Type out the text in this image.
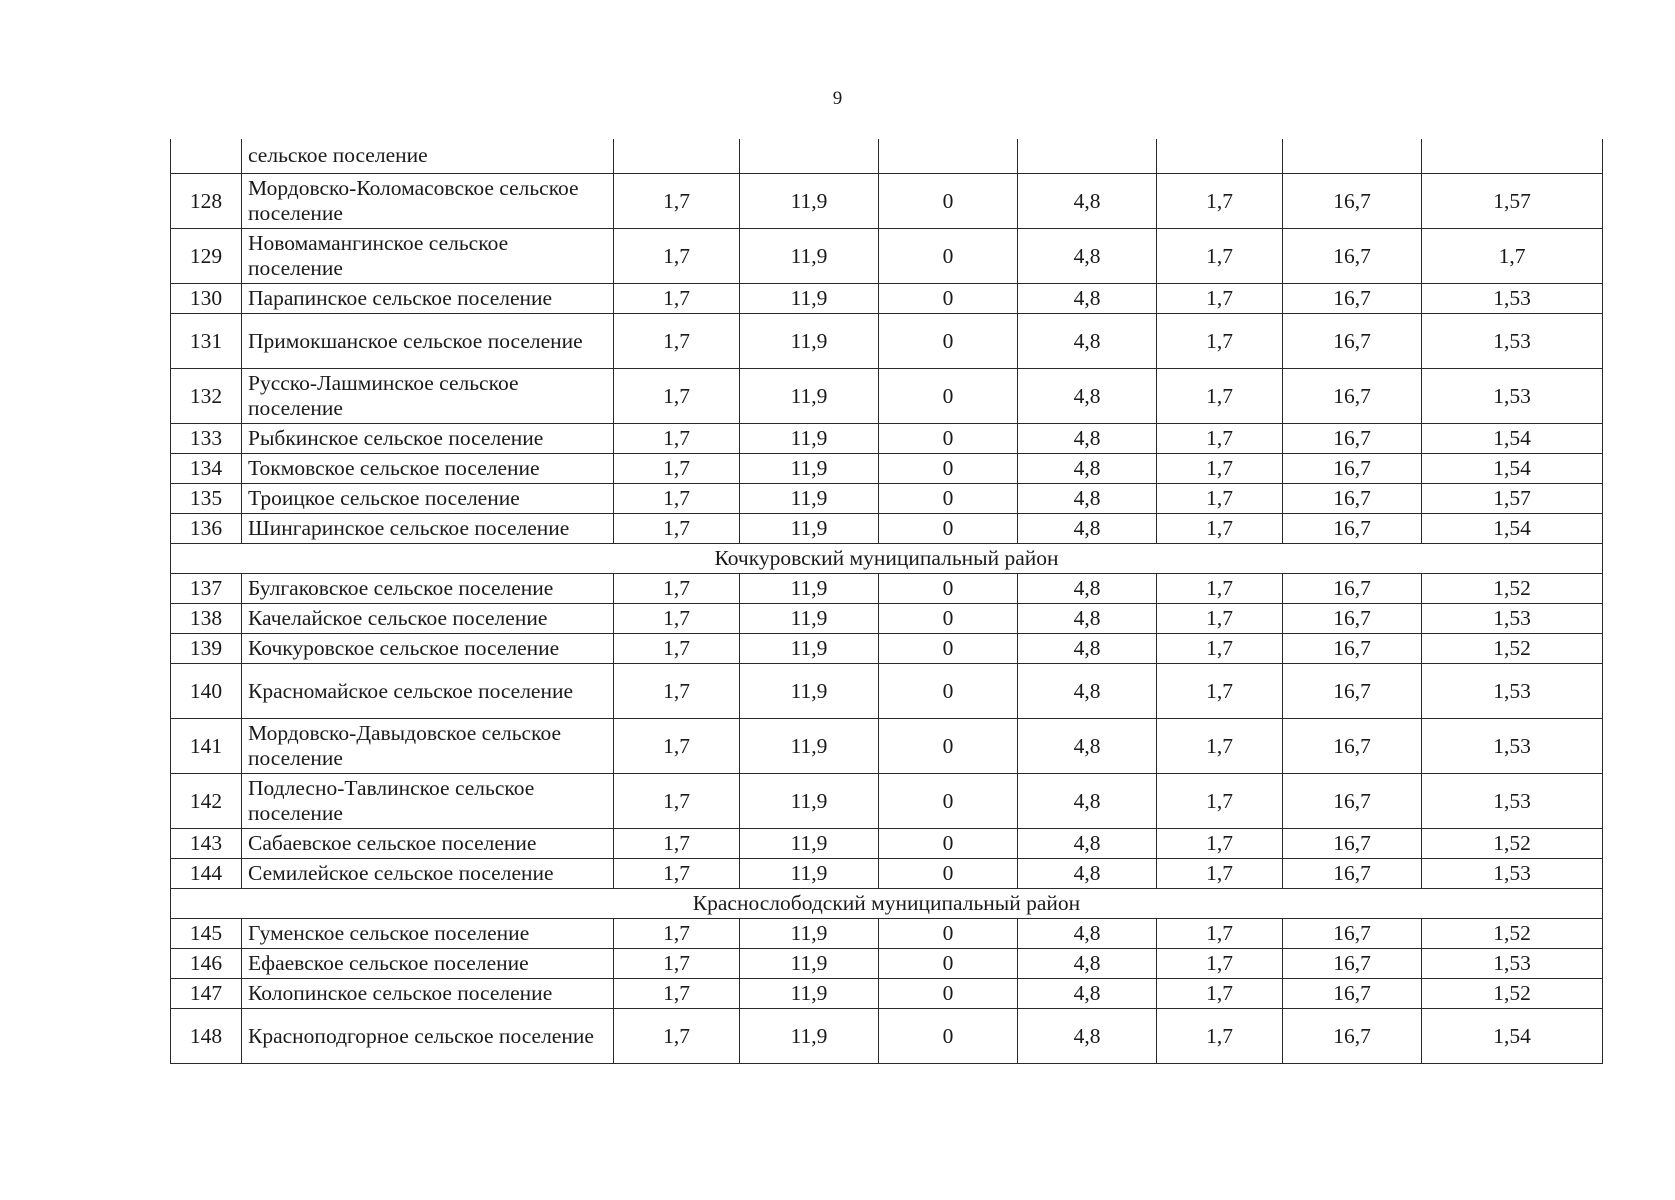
9
	сельское поселение							
128	Мордовско-Коломасовское сельское поселение	1,7	11,9	0	4,8	1,7	16,7	1,57
129	Новомамангинское сельское поселение	1,7	11,9	0	4,8	1,7	16,7	1,7
130	Парапинское сельское поселение	1,7	11,9	0	4,8	1,7	16,7	1,53
131	Примокшанское сельское поселение	1,7	11,9	0	4,8	1,7	16,7	1,53
132	Русско-Лашминское сельское поселение	1,7	11,9	0	4,8	1,7	16,7	1,53
133	Рыбкинское сельское поселение	1,7	11,9	0	4,8	1,7	16,7	1,54
134	Токмовское сельское поселение	1,7	11,9	0	4,8	1,7	16,7	1,54
135	Троицкое сельское поселение	1,7	11,9	0	4,8	1,7	16,7	1,57
136	Шингаринское сельское поселение	1,7	11,9	0	4,8	1,7	16,7	1,54
Кочкуровский муниципальный район								
137	Булгаковское сельское поселение	1,7	11,9	0	4,8	1,7	16,7	1,52
138	Качелайское сельское поселение	1,7	11,9	0	4,8	1,7	16,7	1,53
139	Кочкуровское сельское поселение	1,7	11,9	0	4,8	1,7	16,7	1,52
140	Красномайское сельское поселение	1,7	11,9	0	4,8	1,7	16,7	1,53
141	Мордовско-Давыдовское сельское поселение	1,7	11,9	0	4,8	1,7	16,7	1,53
142	Подлесно-Тавлинское сельское поселение	1,7	11,9	0	4,8	1,7	16,7	1,53
143	Сабаевское сельское поселение	1,7	11,9	0	4,8	1,7	16,7	1,52
144	Семилейское сельское поселение	1,7	11,9	0	4,8	1,7	16,7	1,53
Краснослободский муниципальный район								
145	Гуменское сельское поселение	1,7	11,9	0	4,8	1,7	16,7	1,52
146	Ефаевское сельское поселение	1,7	11,9	0	4,8	1,7	16,7	1,53
147	Колопинское сельское поселение	1,7	11,9	0	4,8	1,7	16,7	1,52
148	Краснoподгорное сельское поселение	1,7	11,9	0	4,8	1,7	16,7	1,54
